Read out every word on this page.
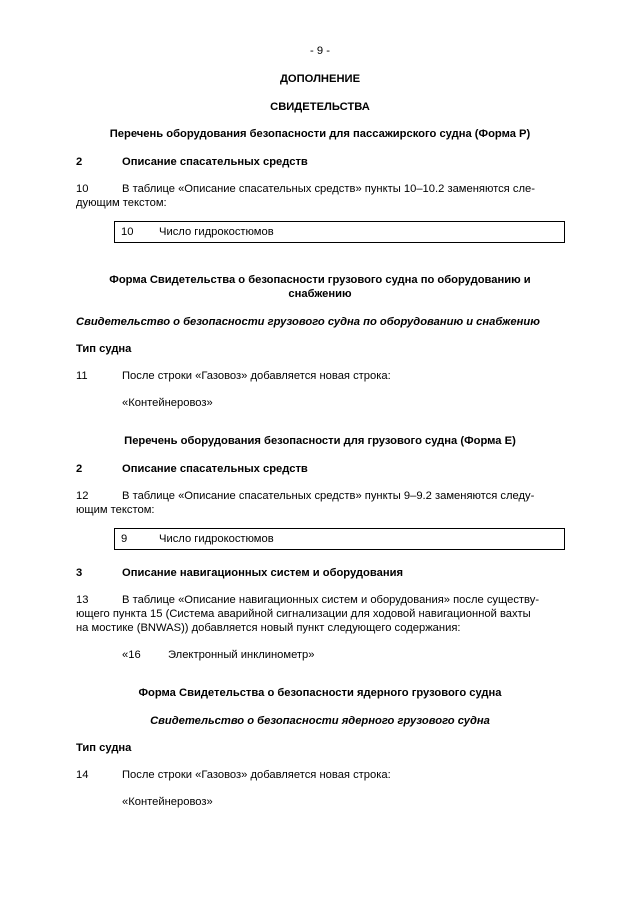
- 9 -
ДОПОЛНЕНИЕ
СВИДЕТЕЛЬСТВА
Перечень оборудования безопасности для пассажирского судна (Форма P)
2	Описание спасательных средств
10	В таблице «Описание спасательных средств» пункты 10–10.2 заменяются сле-
дующим текстом:
10 Число гидрокостюмов
Форма Свидетельства о безопасности грузового судна по оборудованию и
снабжению
Свидетельство о безопасности грузового судна по оборудованию и снабжению
Тип судна
11	После строки «Газовоз» добавляется новая строка:
«Контейнеровоз»
Перечень оборудования безопасности для грузового судна (Форма E)
2	Описание спасательных средств
12	В таблице «Описание спасательных средств» пункты 9–9.2 заменяются следу-
ющим текстом:
9	Число гидрокостюмов
3	Описание навигационных систем и оборудования
13	В таблице «Описание навигационных систем и оборудования» после существу-
ющего пункта 15 (Система аварийной сигнализации для ходовой навигационной вахты
на мостике (BNWAS)) добавляется новый пункт следующего содержания:
«16 Электронный инклинометр»
Форма Свидетельства о безопасности ядерного грузового судна
Свидетельство о безопасности ядерного грузового судна
Тип судна
14	После строки «Газовоз» добавляется новая строка:
«Контейнеровоз»
